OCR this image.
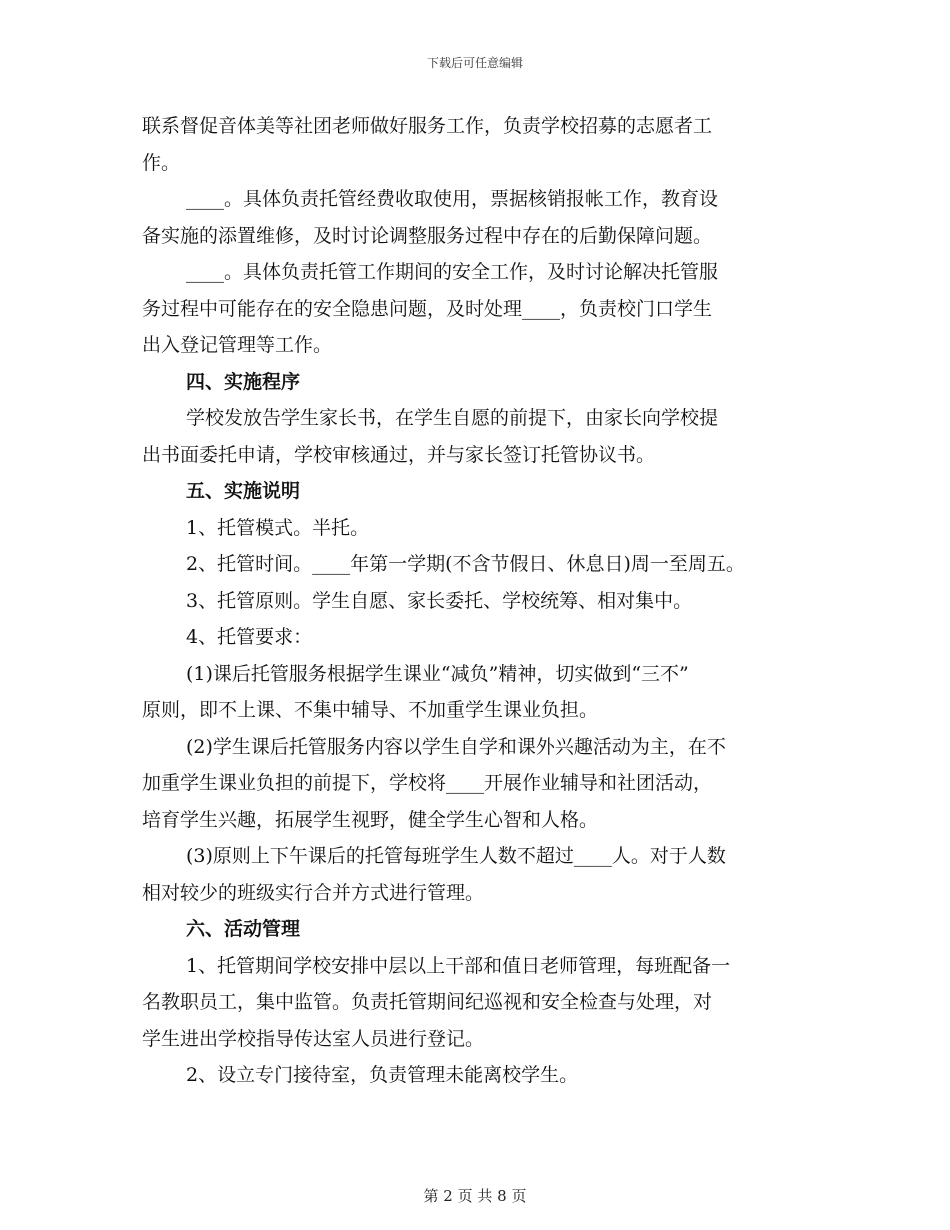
下载后可任意编辑
联系督促音体美等社团老师做好服务工作，负责学校招募的志愿者工
作。
____。具体负责托管经费收取使用，票据核销报帐工作，教育设
备实施的添置维修，及时讨论调整服务过程中存在的后勤保障问题。
____。具体负责托管工作期间的安全工作，及时讨论解决托管服
务过程中可能存在的安全隐患问题，及时处理____，负责校门口学生
出入登记管理等工作。
四、实施程序
学校发放告学生家长书，在学生自愿的前提下，由家长向学校提
出书面委托申请，学校审核通过，并与家长签订托管协议书。
五、实施说明
1、托管模式。半托。
2、托管时间。____年第一学期(不含节假日、休息日)周一至周五。
3、托管原则。学生自愿、家长委托、学校统筹、相对集中。
4、托管要求：
(1)课后托管服务根据学生课业“减负”精神，切实做到“三不”
原则，即不上课、不集中辅导、不加重学生课业负担。
(2)学生课后托管服务内容以学生自学和课外兴趣活动为主，在不
加重学生课业负担的前提下，学校将____开展作业辅导和社团活动，
培育学生兴趣，拓展学生视野，健全学生心智和人格。
(3)原则上下午课后的托管每班学生人数不超过____人。对于人数
相对较少的班级实行合并方式进行管理。
六、活动管理
1、托管期间学校安排中层以上干部和值日老师管理，每班配备一
名教职员工，集中监管。负责托管期间纪巡视和安全检查与处理，对
学生进出学校指导传达室人员进行登记。
2、设立专门接待室，负责管理未能离校学生。
第 2 页 共 8 页
